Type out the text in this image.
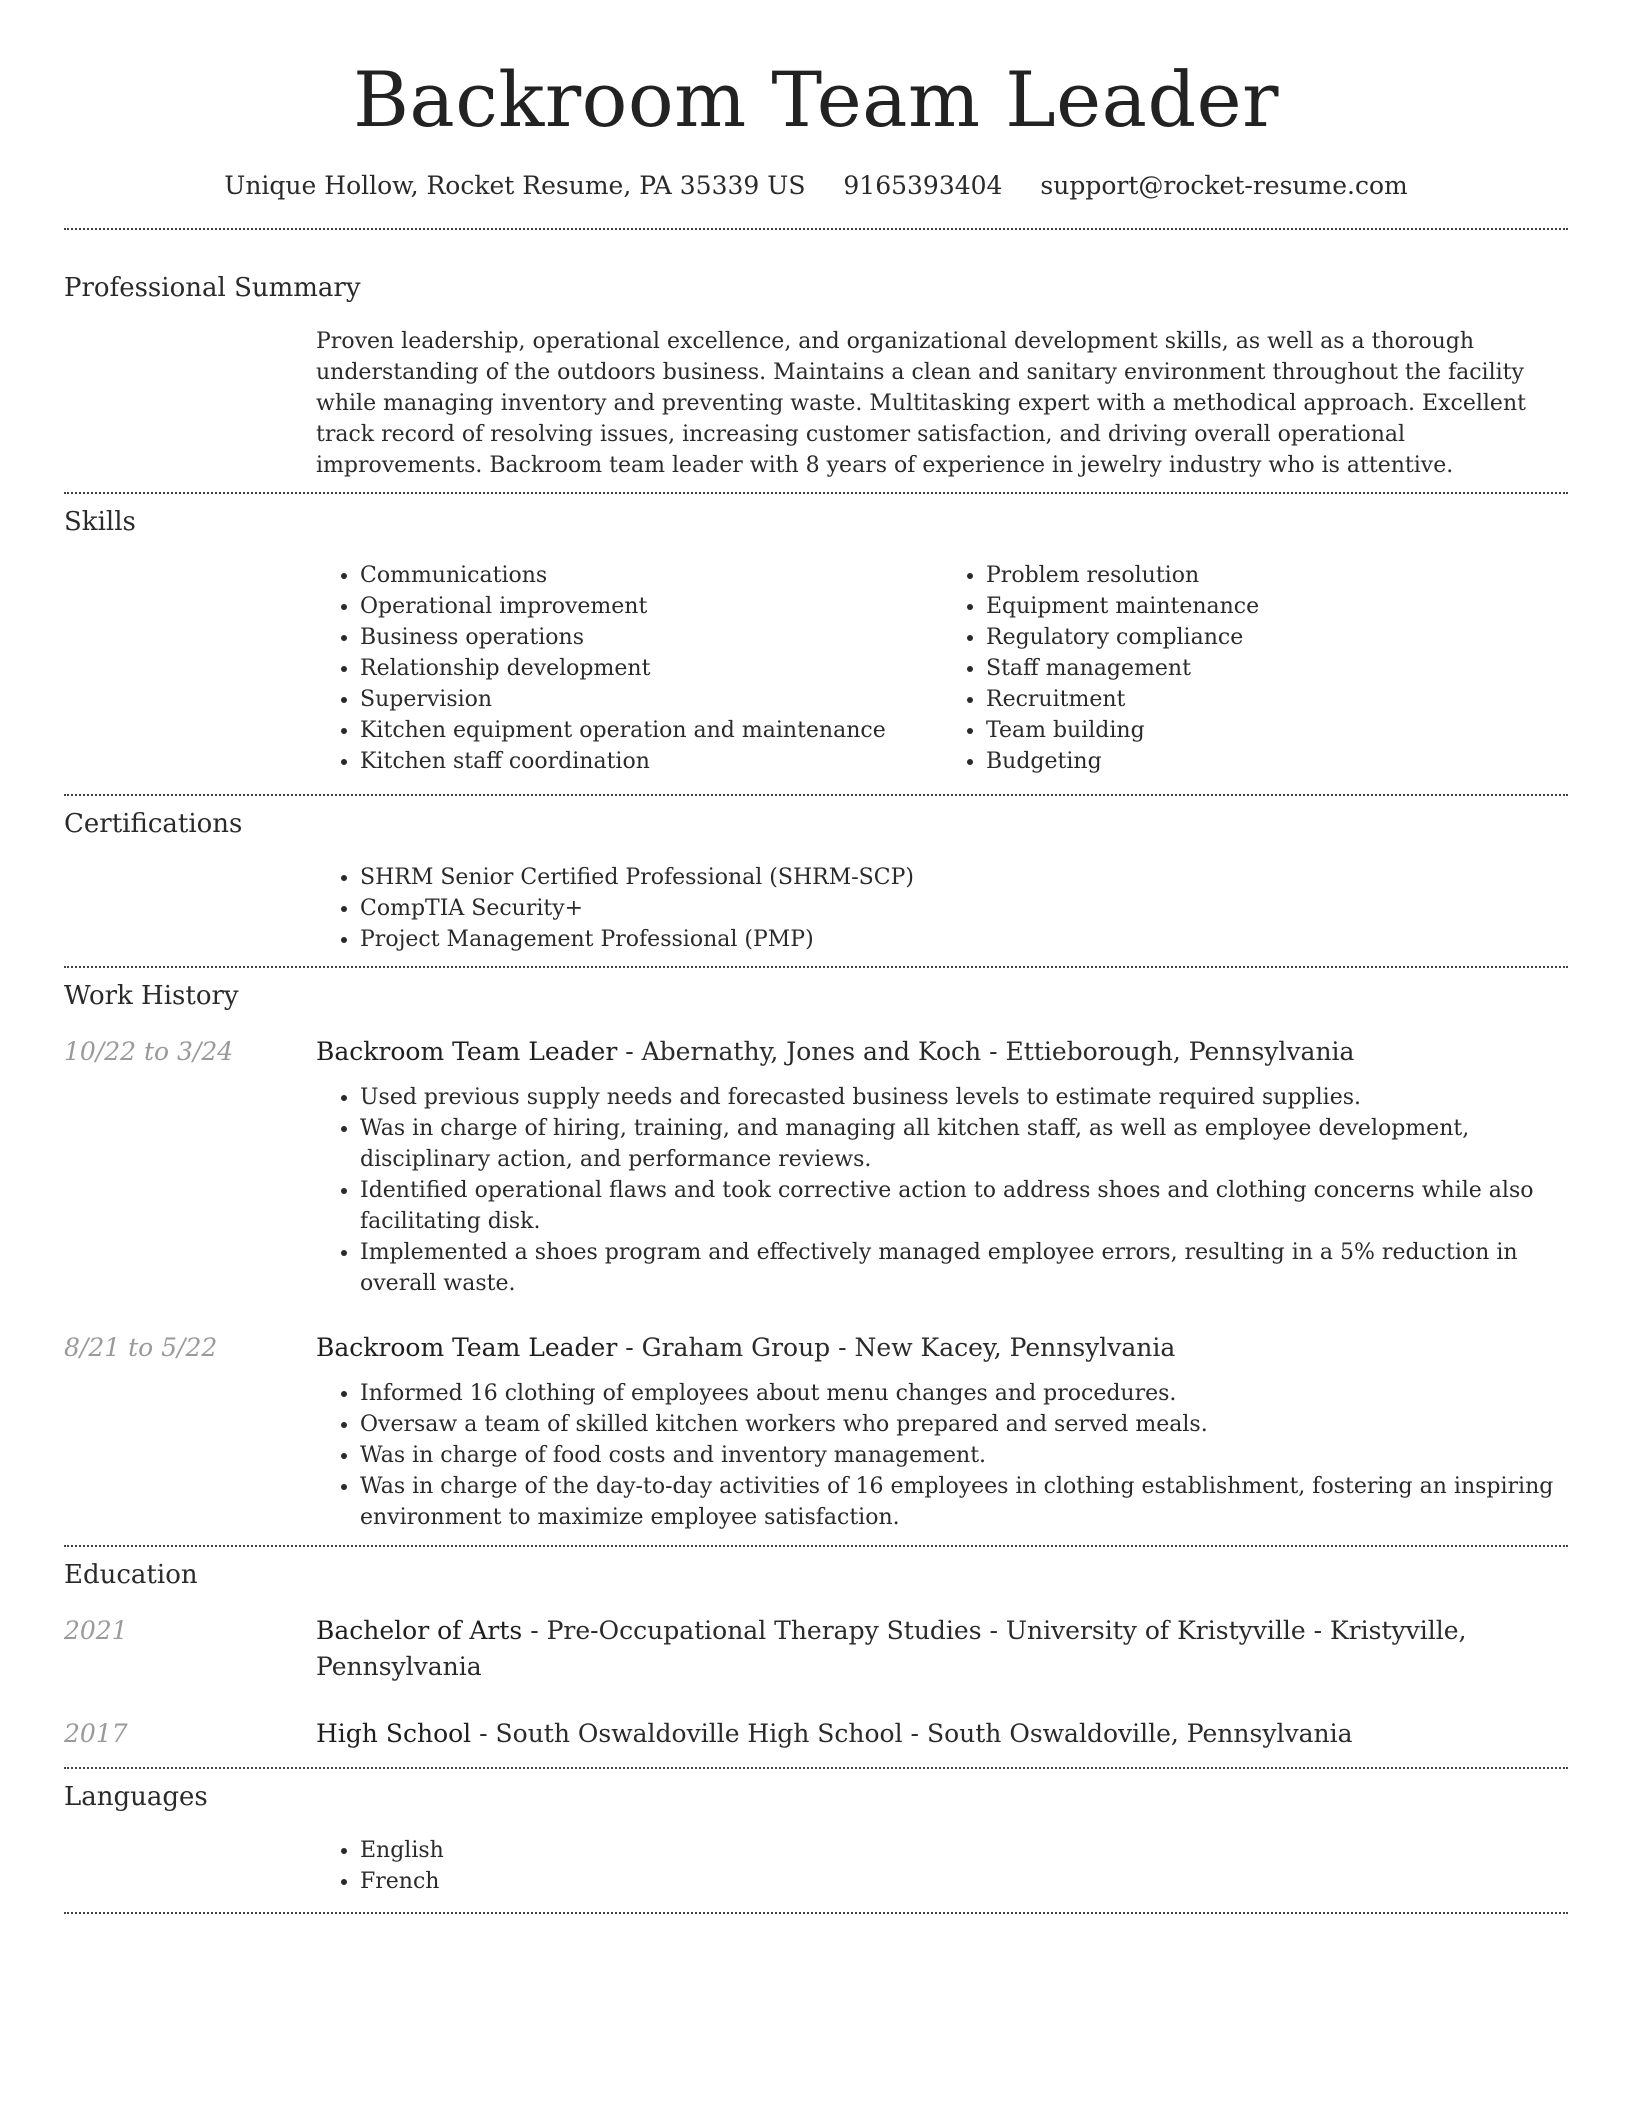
Backroom Team Leader
Unique Hollow, Rocket Resume, PA 35339 US 9165393404 support@rocket-resume.com
Professional Summary

Proven leadership, operational excellence, and organizational development skills, as well as a thorough understanding of the outdoors business. Maintains a clean and sanitary environment throughout the facility while managing inventory and preventing waste. Multitasking expert with a methodical approach. Excellent track record of resolving issues, increasing customer satisfaction, and driving overall operational improvements. Backroom team leader with 8 years of experience in jewelry industry who is attentive.

Skills
• Communications
• Operational improvement
• Business operations
• Relationship development
• Supervision
• Kitchen equipment operation and maintenance
• Kitchen staff coordination
• Problem resolution
• Equipment maintenance
• Regulatory compliance
• Staff management
• Recruitment
• Team building
• Budgeting
Certifications
• SHRM Senior Certified Professional (SHRM-SCP)
• CompTIA Security+
• Project Management Professional (PMP)
Work History
10/22 to 3/24	Backroom Team Leader - Abernathy, Jones and Koch - Ettieborough, Pennsylvania
• Used previous supply needs and forecasted business levels to estimate required supplies.
• Was in charge of hiring, training, and managing all kitchen staff, as well as employee development, disciplinary action, and performance reviews.
• Identified operational flaws and took corrective action to address shoes and clothing concerns while also facilitating disk.
• Implemented a shoes program and effectively managed employee errors, resulting in a 5% reduction in overall waste.
8/21 to 5/22	Backroom Team Leader - Graham Group - New Kacey, Pennsylvania
• Informed 16 clothing of employees about menu changes and procedures.
• Oversaw a team of skilled kitchen workers who prepared and served meals.
• Was in charge of food costs and inventory management.
• Was in charge of the day-to-day activities of 16 employees in clothing establishment, fostering an inspiring environment to maximize employee satisfaction.
Education
2021	Bachelor of Arts - Pre-Occupational Therapy Studies - University of Kristyville - Kristyville, Pennsylvania
2017	High School - South Oswaldoville High School - South Oswaldoville, Pennsylvania
Languages
• English
• French
